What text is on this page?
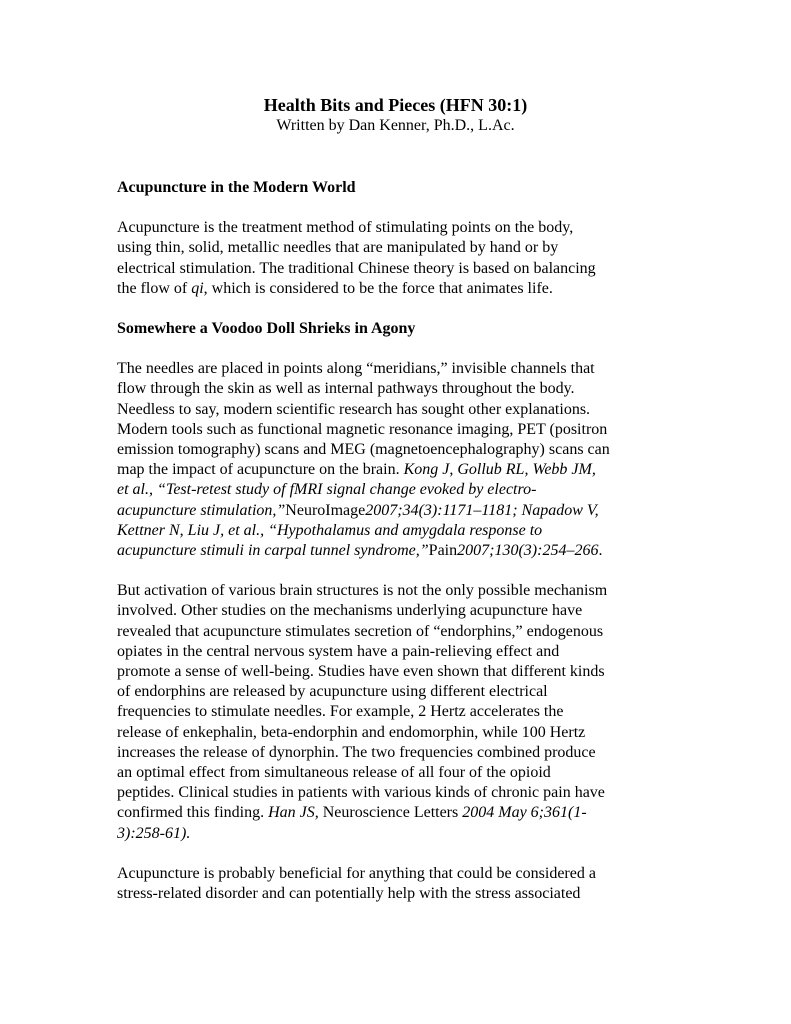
Health Bits and Pieces (HFN 30:1)

Written by Dan Kenner, Ph.D., L.Ac.

Acupuncture in the Modern World

Acupuncture is the treatment method of stimulating points on the body,
using thin, solid, metallic needles that are manipulated by hand or by
electrical stimulation. The traditional Chinese theory is based on balancing
the flow of qi, which is considered to be the force that animates life.

Somewhere a Voodoo Doll Shrieks in Agony

The needles are placed in points along “meridians,” invisible channels that
flow through the skin as well as internal pathways throughout the body.
Needless to say, modern scientific research has sought other explanations.
Modern tools such as functional magnetic resonance imaging, PET (positron
emission tomography) scans and MEG (magnetoencephalography) scans can
map the impact of acupuncture on the brain. Kong J, Gollub RL, Webb JM,
et al., “Test-retest study of fMRI signal change evoked by electro-
acupuncture stimulation,”NeuroImage2007;34(3):1171–1181; Napadow V,
Kettner N, Liu J, et al., “Hypothalamus and amygdala response to
acupuncture stimuli in carpal tunnel syndrome,”Pain2007;130(3):254–266.

But activation of various brain structures is not the only possible mechanism
involved. Other studies on the mechanisms underlying acupuncture have
revealed that acupuncture stimulates secretion of “endorphins,” endogenous
opiates in the central nervous system have a pain-relieving effect and
promote a sense of well-being. Studies have even shown that different kinds
of endorphins are released by acupuncture using different electrical
frequencies to stimulate needles. For example, 2 Hertz accelerates the
release of enkephalin, beta-endorphin and endomorphin, while 100 Hertz
increases the release of dynorphin. The two frequencies combined produce
an optimal effect from simultaneous release of all four of the opioid
peptides. Clinical studies in patients with various kinds of chronic pain have
confirmed this finding. Han JS, Neuroscience Letters 2004 May 6;361(1-
3):258-61).

Acupuncture is probably beneficial for anything that could be considered a
stress-related disorder and can potentially help with the stress associated
